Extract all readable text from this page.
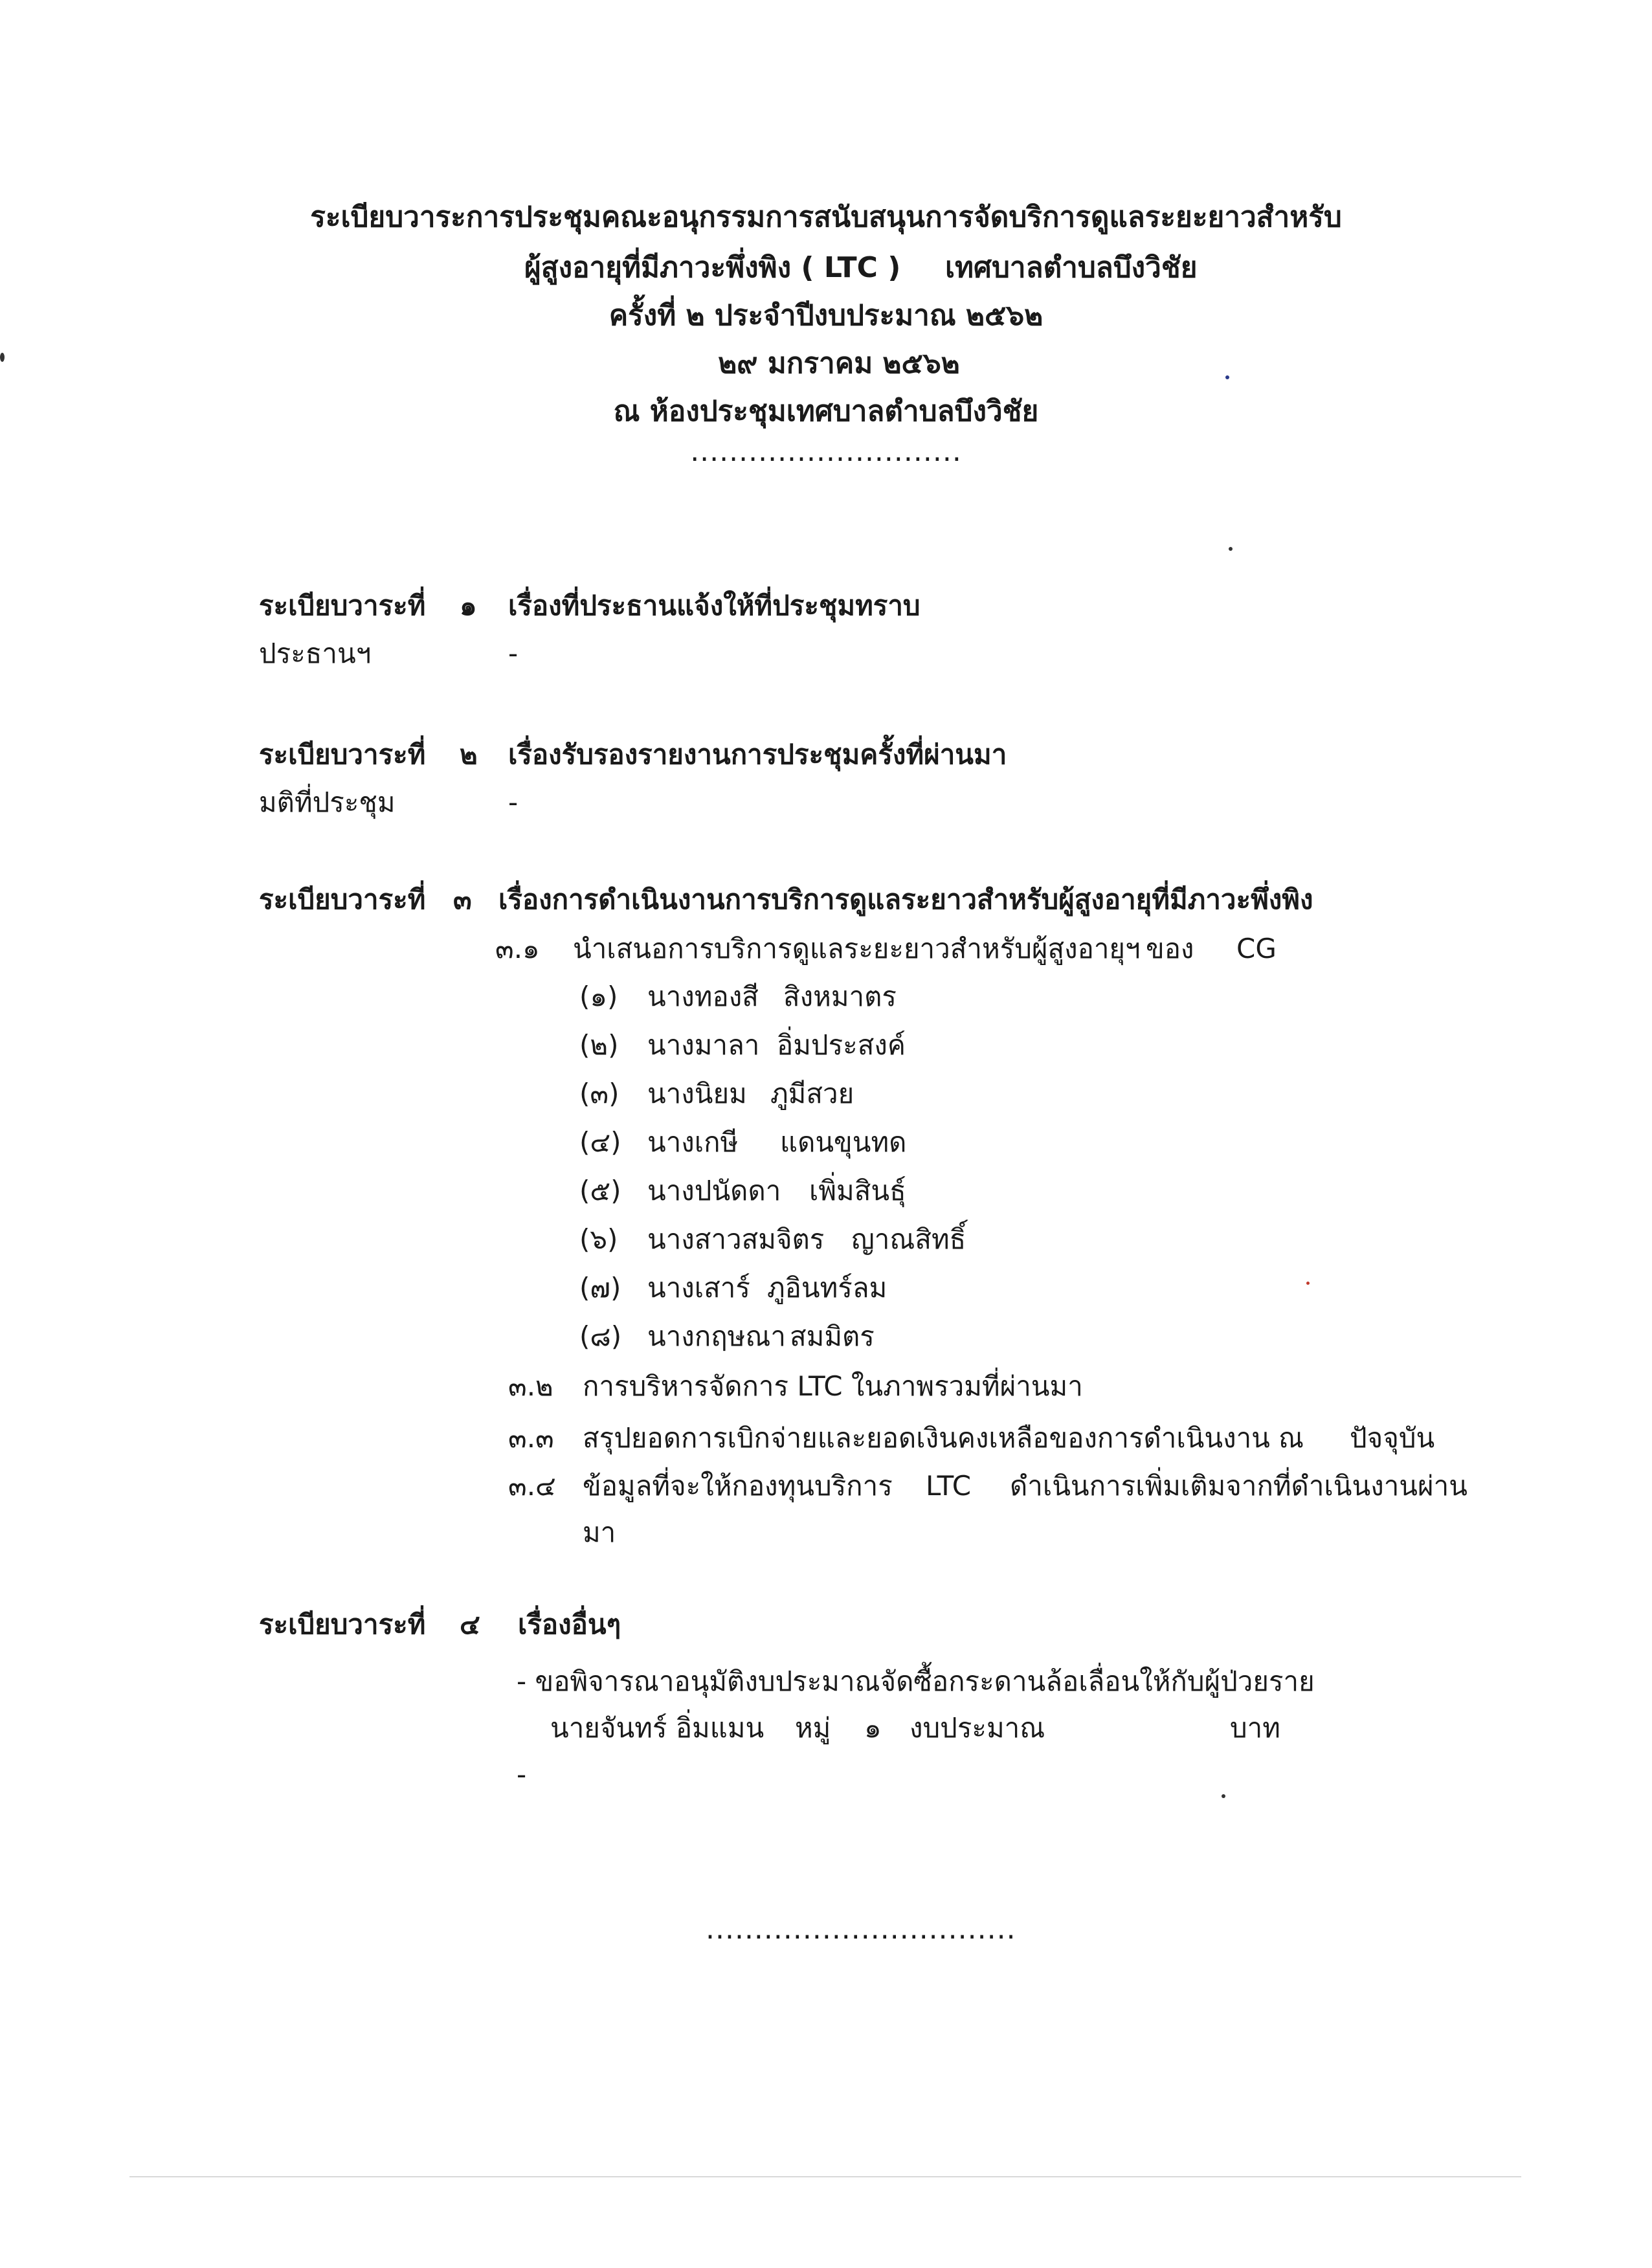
ระเบียบวาระการประชุมคณะอนุกรรมการสนับสนุนการจัดบริการดูแลระยะยาวสำหรับ
ผู้สูงอายุที่มีภาวะพึ่งพิง ( LTC ) เทศบาลตำบลบึงวิชัย
ครั้งที่ ๒ ประจำปีงบประมาณ ๒๕๖๒
๒๙ มกราคม ๒๕๖๒
ณ ห้องประชุมเทศบาลตำบลบึงวิชัย
............................
ระเบียบวาระที่ ๑ เรื่องที่ประธานแจ้งให้ที่ประชุมทราบ
ประธานฯ	-
ระเบียบวาระที่ ๒ เรื่องรับรองรายงานการประชุมครั้งที่ผ่านมา
มติที่ประชุม	-
ระเบียบวาระที่ ๓ เรื่องการดำเนินงานการบริการดูแลระยาวสำหรับผู้สูงอายุที่มีภาวะพึ่งพิง
๓.๑ นำเสนอการบริการดูแลระยะยาวสำหรับผู้สูงอายุฯ ของ CG
(๑) นางทองสี สิงหมาตร
(๒) นางมาลา อิ่มประสงค์
(๓) นางนิยม ภูมีสวย
(๔) นางเกษี แดนขุนทด
(๕) นางปนัดดา เพิ่มสินธุ์
(๖) นางสาวสมจิตร ญาณสิทธิ์
(๗) นางเสาร์ ภูอินทร์ลม
(๘) นางกฤษณา สมมิตร
๓.๒ การบริหารจัดการ LTC ในภาพรวมที่ผ่านมา
๓.๓ สรุปยอดการเบิกจ่ายและยอดเงินคงเหลือของการดำเนินงาน ณ ปัจจุบัน
๓.๔ ข้อมูลที่จะให้กองทุนบริการ LTC ดำเนินการเพิ่มเติมจากที่ดำเนินงานผ่าน
มา
ระเบียบวาระที่ ๔ เรื่องอื่นๆ
- ขอพิจารณาอนุมัติงบประมาณจัดซื้อกระดานล้อเลื่อนให้กับผู้ป่วยราย
นายจันทร์ อิ่มแมน หมู่ ๑ งบประมาณ	บาท
-
................................
